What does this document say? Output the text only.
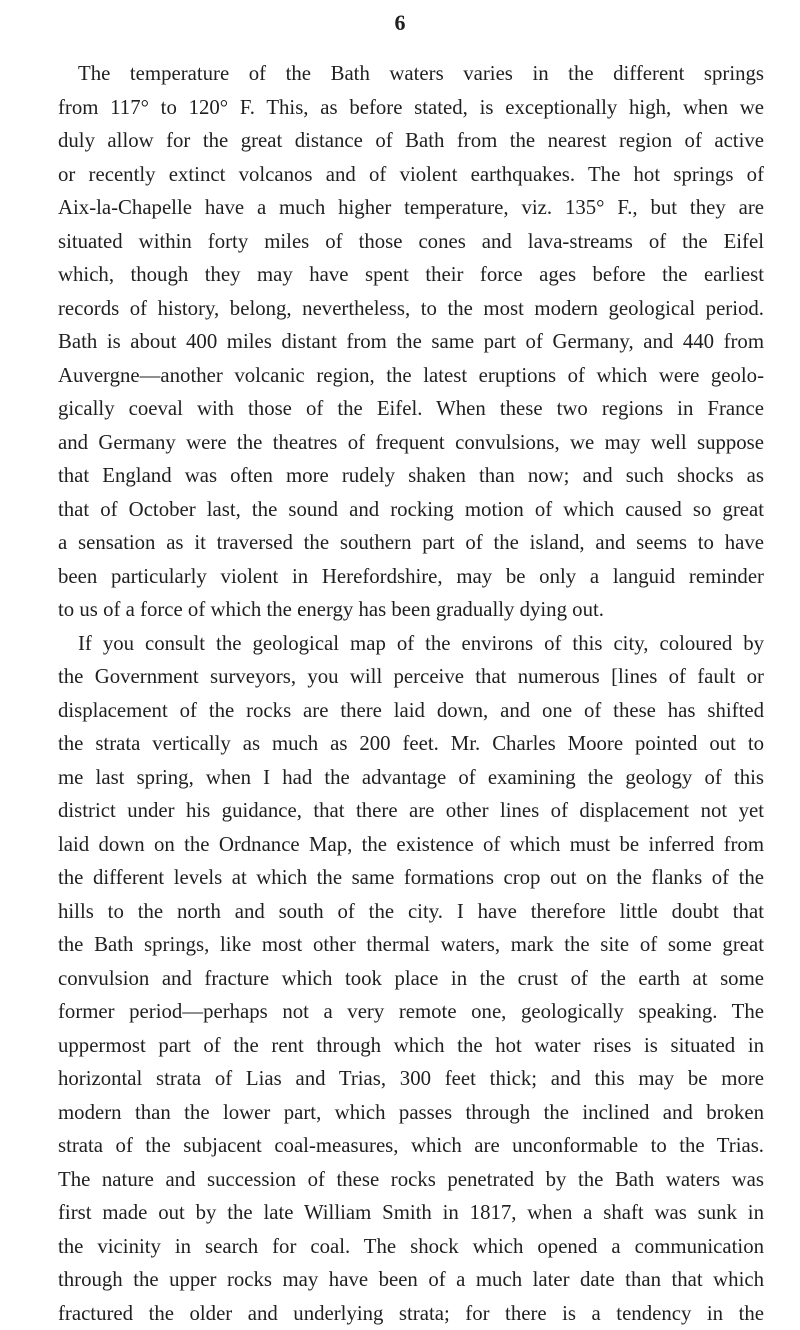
6
The temperature of the Bath waters varies in the different springs
from 117° to 120° F. This, as before stated, is exceptionally high, when we
duly allow for the great distance of Bath from the nearest region of active
or recently extinct volcanos and of violent earthquakes. The hot springs of
Aix-la-Chapelle have a much higher temperature, viz. 135° F., but they are
situated within forty miles of those cones and lava-streams of the Eifel
which, though they may have spent their force ages before the earliest
records of history, belong, nevertheless, to the most modern geological period.
Bath is about 400 miles distant from the same part of Germany, and 440 from
Auvergne—another volcanic region, the latest eruptions of which were geolo-
gically coeval with those of the Eifel. When these two regions in France
and Germany were the theatres of frequent convulsions, we may well suppose
that England was often more rudely shaken than now; and such shocks as
that of October last, the sound and rocking motion of which caused so great
a sensation as it traversed the southern part of the island, and seems to have
been particularly violent in Herefordshire, may be only a languid reminder
to us of a force of which the energy has been gradually dying out.
If you consult the geological map of the environs of this city, coloured by
the Government surveyors, you will perceive that numerous [lines of fault or
displacement of the rocks are there laid down, and one of these has shifted
the strata vertically as much as 200 feet. Mr. Charles Moore pointed out to
me last spring, when I had the advantage of examining the geology of this
district under his guidance, that there are other lines of displacement not yet
laid down on the Ordnance Map, the existence of which must be inferred from
the different levels at which the same formations crop out on the flanks of the
hills to the north and south of the city. I have therefore little doubt that
the Bath springs, like most other thermal waters, mark the site of some great
convulsion and fracture which took place in the crust of the earth at some
former period—perhaps not a very remote one, geologically speaking. The
uppermost part of the rent through which the hot water rises is situated in
horizontal strata of Lias and Trias, 300 feet thick; and this may be more
modern than the lower part, which passes through the inclined and broken
strata of the subjacent coal-measures, which are unconformable to the Trias.
The nature and succession of these rocks penetrated by the Bath waters was
first made out by the late William Smith in 1817, when a shaft was sunk in
the vicinity in search for coal. The shock which opened a communication
through the upper rocks may have been of a much later date than that which
fractured the older and underlying strata; for there is a tendency in the
